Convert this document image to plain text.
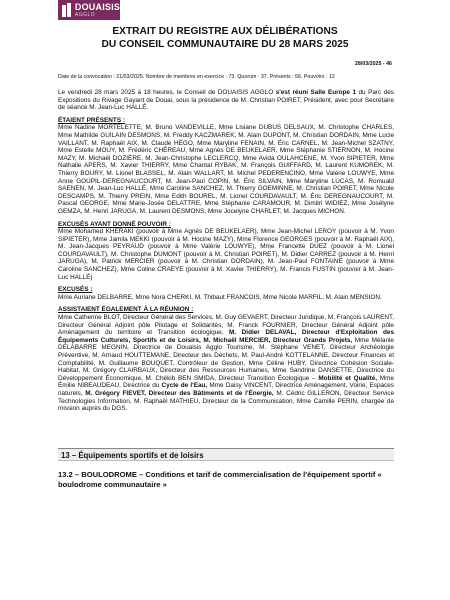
DOUAISIS
AGGLO
EXTRAIT DU REGISTRE AUX DÉLIBÉRATIONS
DU CONSEIL COMMUNAUTAIRE DU 28 MARS 2025
28/03/2025 - 46
Date de la convocation : 21/03/2025. Nombre de membres en exercice : 73. Quorum : 37. Présents : 56. Pouvoirs : 12

Le vendredi 28 mars 2025 à 18 heures, le Conseil de DOUAISIS AGGLO s'est réuni Salle Europe 1 du Parc des Expositions du Rivage Gayant de Douai, sous la présidence de M. Christian POIRET, Président, avec pour Secrétaire de séance M. Jean-Luc HALLÉ.

ÉTAIENT PRÉSENTS :

Mme Nadine MORTELETTE, M. Bruno VANDEVILLE, Mme Lisiane DUBUS DELSAUX, M. Christophe CHARLES, Mme Mathilde GUILAIN DESMONS, M. Freddy KACZMAREK, M. Alain DUPONT, M. Christian DORDAIN, Mme Lucie VAILLANT, M. Raphaël AIX, M. Claude HÉGO, Mme Maryline FENAIN, M. Éric CARNEL, M. Jean-Michel SZATNY, Mme Estelle MOUY, M. Frédéric CHÉREAU, Mme Agnès DE BEUKELAER, Mme Stéphanie STIERNON, M. Hocine MAZY, M. Michaël DOZIÈRE, M. Jean-Christophe LECLERCQ, Mme Avida OULAHCENE, M. Yvon SIPIETER, Mme Nathalie APERS, M. Xavier THIERRY, Mme Chantal RYBAK, M. François GUIFFARD, M. Laurent KUMOREK, M. Thierry BOURY, M. Lionel BLASSEL, M. Alain WALLART, M. Michel PEDERENCINO, Mme Valérie LOUWYE, Mme Anne GOUPIL-DEREGNAUCOURT, M. Jean-Paul COPIN, M. Éric SILVAIN, Mme Maryline LUCAS, M. Romuald SAENEN, M. Jean-Luc HALLÉ, Mme Caroline SANCHEZ, M. Thierry GOEMINNE, M. Christian POIRET, Mme Nicole DESCAMPS, M. Thierry PREIN, Mme Edith BOUREL, M. Lionel COURDAVAULT, M. Éric DEREGNAUCOURT, M. Pascal GEORGE, Mme Marie-Josée DELATTRE, Mme Stéphanie CARAMOUR, M. Dimitri WIDIEZ, Mme Josélyne GEMZA, M. Henri JARUGA, M. Laurent DESMONS, Mme Jocelyne CHARLET, M. Jacques MICHON.

EXCUSÉS AYANT DONNÉ POUVOIR :

Mme Mohamed KHERAKI (pouvoir à Mme Agnès DE BEUKELAER), Mme Jean-Michel LEROY (pouvoir à M. Yvon SIPIETER), Mme Jamila MEKKI (pouvoir à M. Hocine MAZY), Mme Florence GEORGES (pouvoir à M. Raphaël AIX), M. Jean-Jacques PEYRAUD (pouvoir à Mme Valérie LOUWYE), Mme Francette DUEZ (pouvoir à M. Lionel COURDAVAULT), M. Christophe DUMONT (pouvoir à M. Christian POIRET), M. Didier CARREZ (pouvoir à M. Henri JARUGA), M. Patrick MERCIER (pouvoir à M. Christian DORDAIN), M. Jean-Paul FONTAINE (pouvoir à Mme Caroline SANCHEZ), Mme Coline CRAEYE (pouvoir à M. Xavier THIERRY), M. Francis FUSTIN (pouvoir à M. Jean-Luc HALLÉ)

EXCUSÉS :

Mme Auriane DELBARRE, Mme Nora CHERKI, M. Thibaut FRANCOIS, Mme Nicole MARFIL, M. Alain MENSION.

ASSISTAIENT ÉGALEMENT À LA RÉUNION :

Mme Catherine BLOT, Directeur Général des Services, M. Guy GEVAERT, Directeur Juridique, M. François LAURENT, Directeur Général Adjoint pôle Pilotage et Solidarités, M. Franck FOURNIER, Directeur Général Adjoint pôle Aménagement du territoire et Transition écologique, M. Didier DELAVAL, Directeur d'Exploitation des Équipements Culturels, Sportifs et de Loisirs, M. Michaël MERCIER, Directeur Grands Projets, Mme Mélanie DELABARRE MEGNIN, Directrice de Douaisis Agglo Tourisme, M. Stéphane VENET, Directeur Archéologie Préventive, M. Arnaud HOUTTEMANE, Directeur des Déchets, M. Paul-André KOTTELANNE, Directeur Finances et Comptabilité, M. Guillaume BOUQUET, Contrôleur de Gestion, Mme Céline HUBY, Directrice Cohésion Sociale-Habitat, M. Grégory CLAIRBAUX, Directeur des Ressources Humaines, Mme Sandrine DANSETTE, Directrice du Développement Économique, M. Chékib BEN SMIDA, Directeur Transition Écologique – Mobilité et Qualité, Mme Émilie NIBEAUDEAU, Directrice du Cycle de l'Eau, Mme Daisy VINCENT, Directrice Aménagement, Voirie, Espaces naturels, M. Grégory FIEVET, Directeur des Bâtiments et de l'Énergie, M. Cédric GILLERON, Directeur Service Technologies Information, M. Raphaël MATHIEU, Directeur de la Communication, Mme Camille PERIN, chargée de mission auprès du DGS.

13 – Équipements sportifs et de loisirs
13.2 – BOULODROME – Conditions et tarif de commercialisation de l'équipement sportif « boulodrome communautaire »
